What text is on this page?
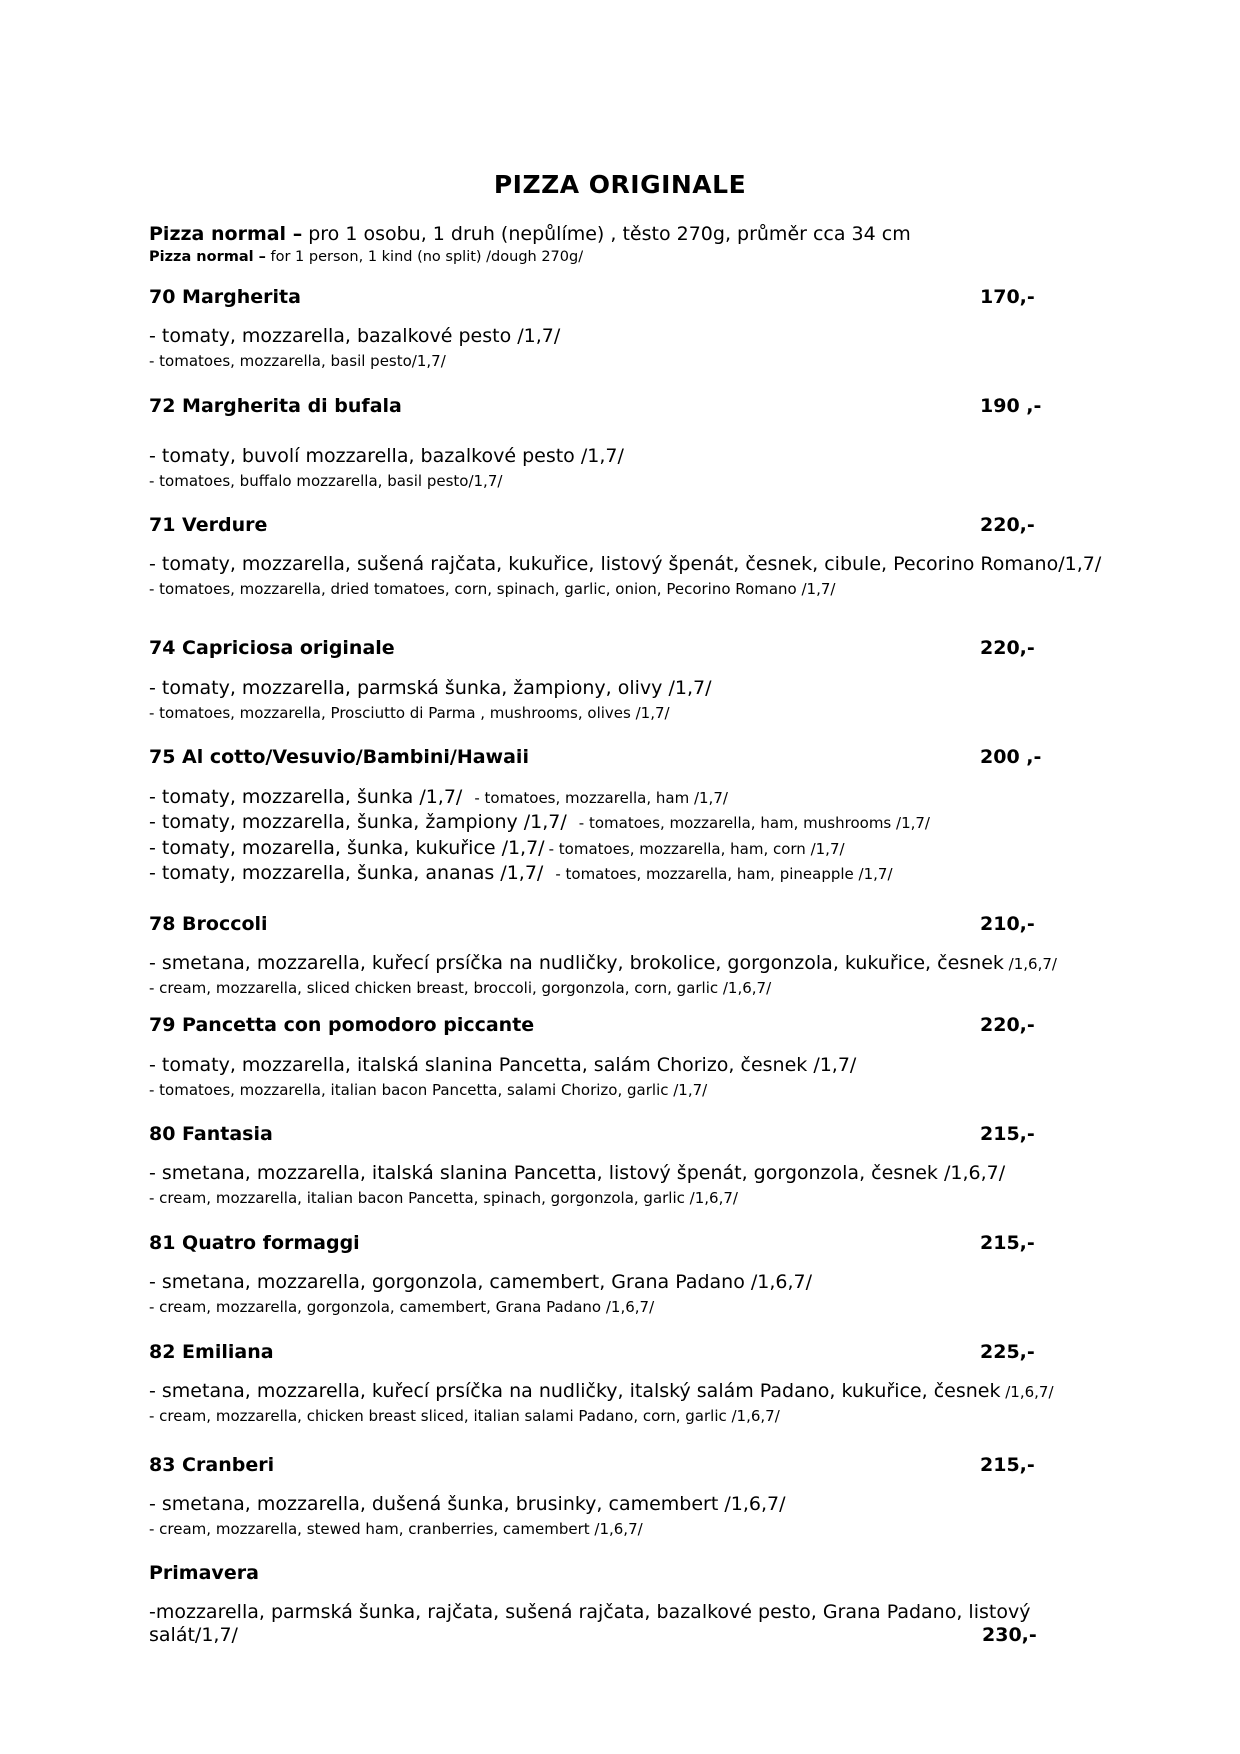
PIZZA ORIGINALE
Pizza normal – pro 1 osobu, 1 druh (nepůlíme) , těsto 270g, průměr cca 34 cm
Pizza normal – for 1 person, 1 kind (no split) /dough 270g/
70 Margherita	170,-
- tomaty, mozzarella, bazalkové pesto /1,7/
- tomatoes, mozzarella, basil pesto/1,7/
72 Margherita di bufala	190 ,-
- tomaty, buvolí mozzarella, bazalkové pesto /1,7/
- tomatoes, buffalo mozzarella, basil pesto/1,7/
71 Verdure	220,-
- tomaty, mozzarella, sušená rajčata, kukuřice, listový špenát, česnek, cibule, Pecorino Romano/1,7/
- tomatoes, mozzarella, dried tomatoes, corn, spinach, garlic, onion, Pecorino Romano /1,7/
74 Capriciosa originale	220,-
- tomaty, mozzarella, parmská šunka, žampiony, olivy /1,7/
- tomatoes, mozzarella, Prosciutto di Parma , mushrooms, olives /1,7/
75 Al cotto/Vesuvio/Bambini/Hawaii	200 ,-
- tomaty, mozzarella, šunka /1,7/ - tomatoes, mozzarella, ham /1,7/
- tomaty, mozzarella, šunka, žampiony /1,7/ - tomatoes, mozzarella, ham, mushrooms /1,7/
- tomaty, mozarella, šunka, kukuřice /1,7/ - tomatoes, mozzarella, ham, corn /1,7/
- tomaty, mozzarella, šunka, ananas /1,7/ - tomatoes, mozzarella, ham, pineapple /1,7/
78 Broccoli	210,-
- smetana, mozzarella, kuřecí prsíčka na nudličky, brokolice, gorgonzola, kukuřice, česnek /1,6,7/
- cream, mozzarella, sliced chicken breast, broccoli, gorgonzola, corn, garlic /1,6,7/
79 Pancetta con pomodoro piccante	220,-
- tomaty, mozzarella, italská slanina Pancetta, salám Chorizo, česnek /1,7/
- tomatoes, mozzarella, italian bacon Pancetta, salami Chorizo, garlic /1,7/
80 Fantasia	215,-
- smetana, mozzarella, italská slanina Pancetta, listový špenát, gorgonzola, česnek /1,6,7/
- cream, mozzarella, italian bacon Pancetta, spinach, gorgonzola, garlic /1,6,7/
81 Quatro formaggi	215,-
- smetana, mozzarella, gorgonzola, camembert, Grana Padano /1,6,7/
- cream, mozzarella, gorgonzola, camembert, Grana Padano /1,6,7/
82 Emiliana	225,-
- smetana, mozzarella, kuřecí prsíčka na nudličky, italský salám Padano, kukuřice, česnek /1,6,7/
- cream, mozzarella, chicken breast sliced, italian salami Padano, corn, garlic /1,6,7/
83 Cranberi	215,-
- smetana, mozzarella, dušená šunka, brusinky, camembert /1,6,7/
- cream, mozzarella, stewed ham, cranberries, camembert /1,6,7/
Primavera
-mozzarella, parmská šunka, rajčata, sušená rajčata, bazalkové pesto, Grana Padano, listový
salát/1,7/	230,-
